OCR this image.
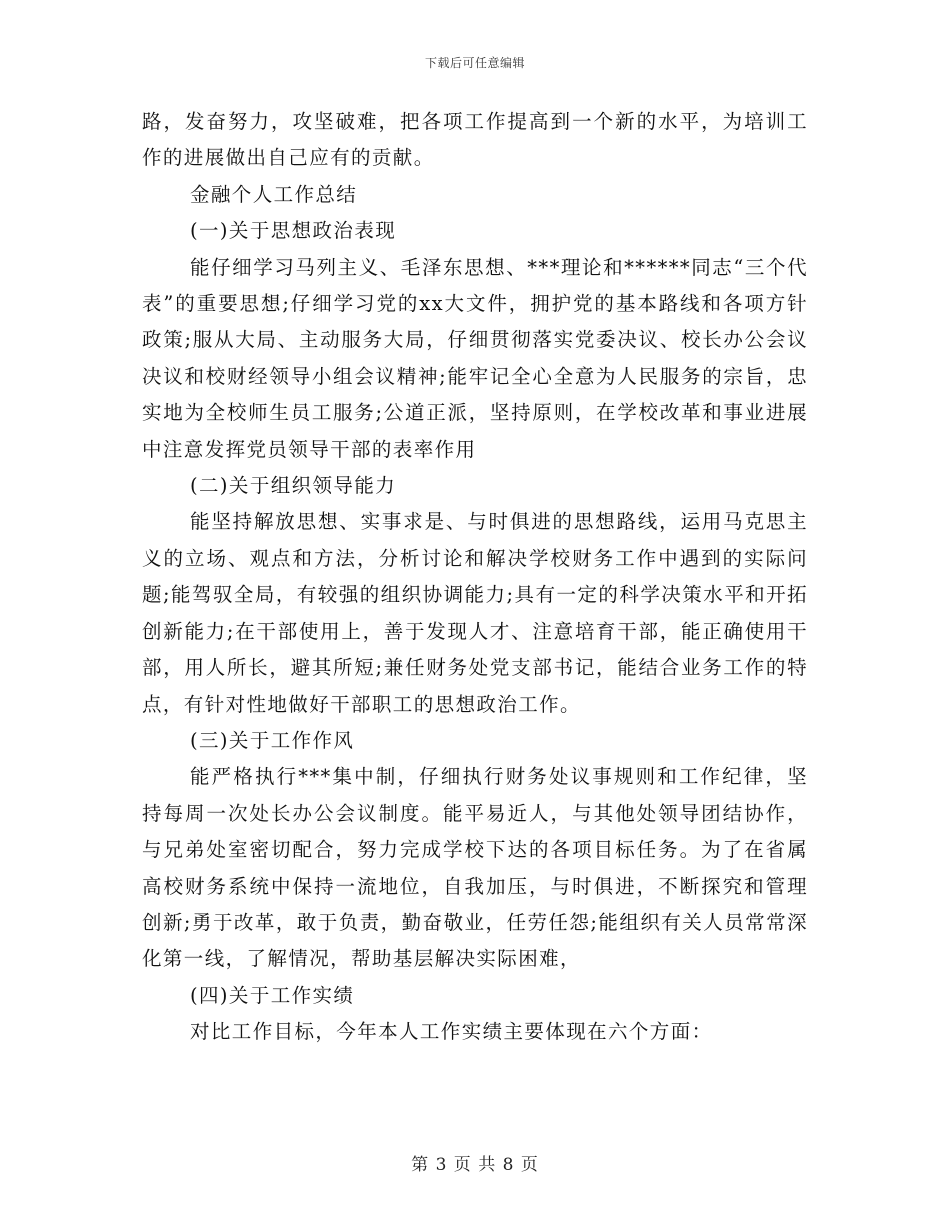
下载后可任意编辑

路，发奋努力，攻坚破难，把各项工作提高到一个新的水平，为培训工作的进展做出自己应有的贡献。

金融个人工作总结

(一)关于思想政治表现

能仔细学习马列主义、毛泽东思想、***理论和******同志“三个代表”的重要思想;仔细学习党的xx大文件，拥护党的基本路线和各项方针政策;服从大局、主动服务大局，仔细贯彻落实党委决议、校长办公会议决议和校财经领导小组会议精神;能牢记全心全意为人民服务的宗旨，忠实地为全校师生员工服务;公道正派，坚持原则，在学校改革和事业进展中注意发挥党员领导干部的表率作用

(二)关于组织领导能力

能坚持解放思想、实事求是、与时俱进的思想路线，运用马克思主义的立场、观点和方法，分析讨论和解决学校财务工作中遇到的实际问题;能驾驭全局，有较强的组织协调能力;具有一定的科学决策水平和开拓创新能力;在干部使用上，善于发现人才、注意培育干部，能正确使用干部，用人所长，避其所短;兼任财务处党支部书记，能结合业务工作的特点，有针对性地做好干部职工的思想政治工作。

(三)关于工作作风

能严格执行***集中制，仔细执行财务处议事规则和工作纪律，坚持每周一次处长办公会议制度。能平易近人，与其他处领导团结协作，与兄弟处室密切配合，努力完成学校下达的各项目标任务。为了在省属高校财务系统中保持一流地位，自我加压，与时俱进，不断探究和管理创新;勇于改革，敢于负责，勤奋敬业，任劳任怨;能组织有关人员常常深化第一线，了解情况，帮助基层解决实际困难，

(四)关于工作实绩

对比工作目标，今年本人工作实绩主要体现在六个方面：

第 3 页 共 8 页
